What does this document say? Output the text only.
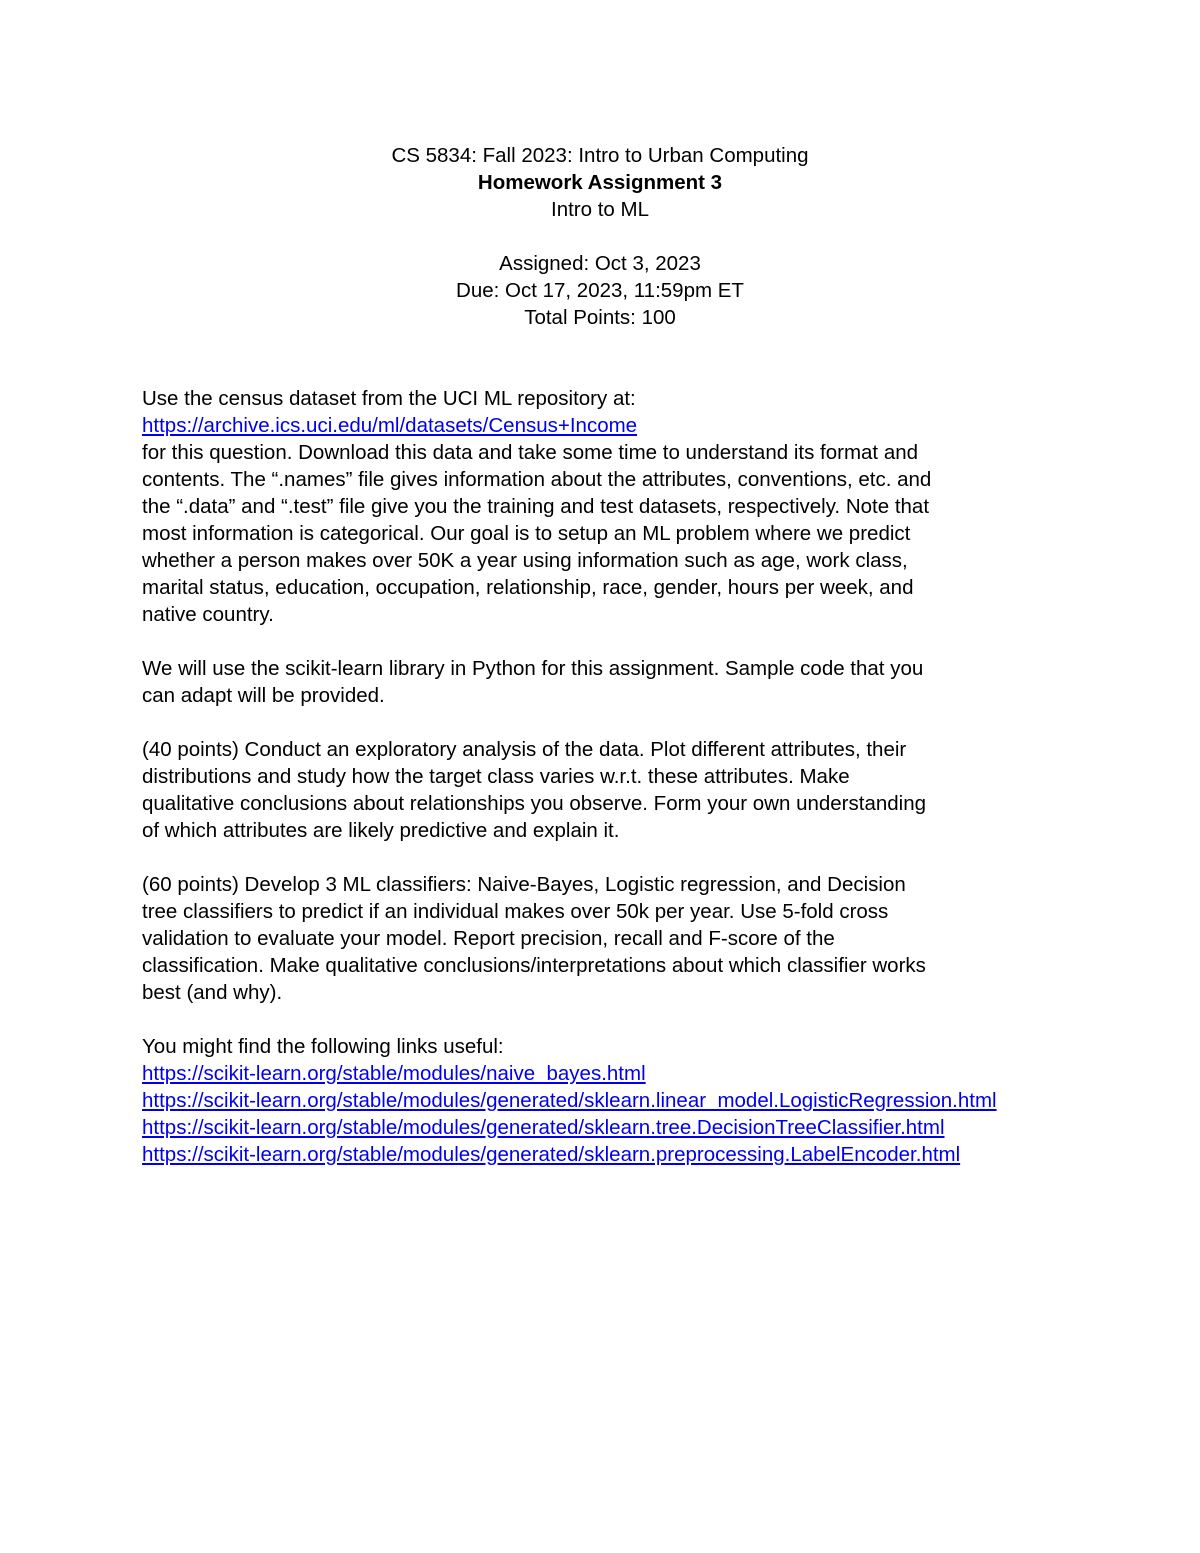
CS 5834: Fall 2023: Intro to Urban Computing
Homework Assignment 3
Intro to ML
Assigned: Oct 3, 2023
Due: Oct 17, 2023, 11:59pm ET
Total Points: 100

Use the census dataset from the UCI ML repository at:
https://archive.ics.uci.edu/ml/datasets/Census+Income
for this question. Download this data and take some time to understand its format and
contents. The “.names” file gives information about the attributes, conventions, etc. and
the “.data” and “.test” file give you the training and test datasets, respectively. Note that
most information is categorical. Our goal is to setup an ML problem where we predict
whether a person makes over 50K a year using information such as age, work class,
marital status, education, occupation, relationship, race, gender, hours per week, and
native country.

We will use the scikit-learn library in Python for this assignment. Sample code that you
can adapt will be provided.

(40 points) Conduct an exploratory analysis of the data. Plot different attributes, their
distributions and study how the target class varies w.r.t. these attributes. Make
qualitative conclusions about relationships you observe. Form your own understanding
of which attributes are likely predictive and explain it.

(60 points) Develop 3 ML classifiers: Naive-Bayes, Logistic regression, and Decision
tree classifiers to predict if an individual makes over 50k per year. Use 5-fold cross
validation to evaluate your model. Report precision, recall and F-score of the
classification. Make qualitative conclusions/interpretations about which classifier works
best (and why).

You might find the following links useful:
https://scikit-learn.org/stable/modules/naive_bayes.html
https://scikit-learn.org/stable/modules/generated/sklearn.linear_model.LogisticRegression.html
https://scikit-learn.org/stable/modules/generated/sklearn.tree.DecisionTreeClassifier.html
https://scikit-learn.org/stable/modules/generated/sklearn.preprocessing.LabelEncoder.html
